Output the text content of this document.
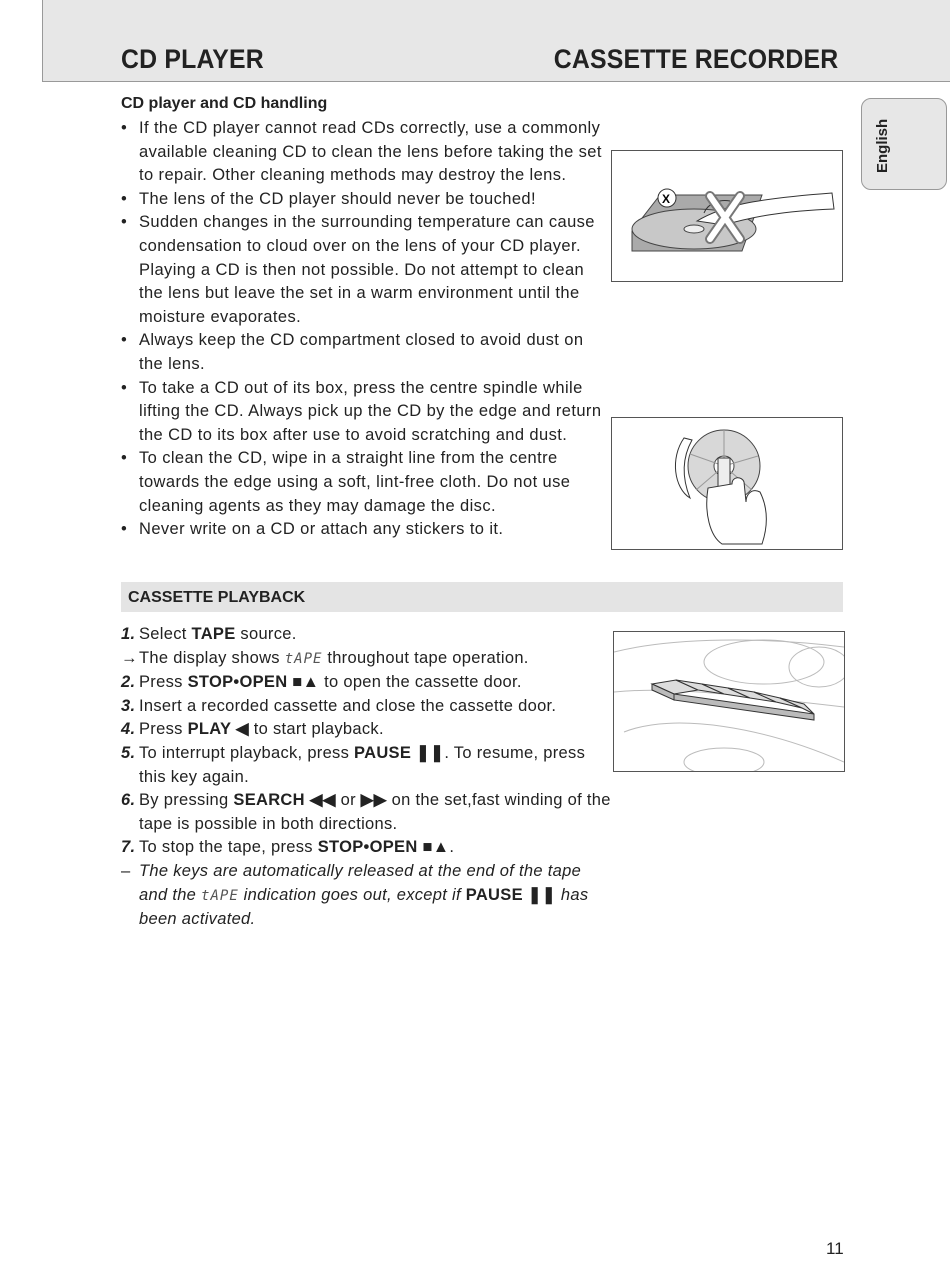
CD PLAYER	CASSETTE RECORDER
English
CD player and CD handling
• If the CD player cannot read CDs correctly, use a commonly available cleaning CD to clean the lens before taking the set to repair. Other cleaning methods may destroy the lens.
• The lens of the CD player should never be touched!
• Sudden changes in the surrounding temperature can cause condensation to cloud over on the lens of your CD player. Playing a CD is then not possible. Do not attempt to clean the lens but leave the set in a warm environment until the moisture evaporates.
• Always keep the CD compartment closed to avoid dust on the lens.
• To take a CD out of its box, press the centre spindle while lifting the CD. Always pick up the CD by the edge and return the CD to its box after use to avoid scratching and dust.
• To clean the CD, wipe in a straight line from the centre towards the edge using a soft, lint-free cloth. Do not use cleaning agents as they may damage the disc.
• Never write on a CD or attach any stickers to it.
X
CASSETTE PLAYBACK
1. Select TAPE source.
→ The display shows tAPE throughout tape operation.
2. Press STOP•OPEN ■▲ to open the cassette door.
3. Insert a recorded cassette and close the cassette door.
4. Press PLAY ◀ to start playback.
5. To interrupt playback, press PAUSE ❚❚. To resume, press this key again.
6. By pressing SEARCH ◀◀ or ▶▶ on the set,fast winding of the tape is possible in both directions.
7. To stop the tape, press STOP•OPEN ■▲.
– The keys are automatically released at the end of the tape and the tAPE indication goes out, except if PAUSE ❚❚ has been activated.
11
